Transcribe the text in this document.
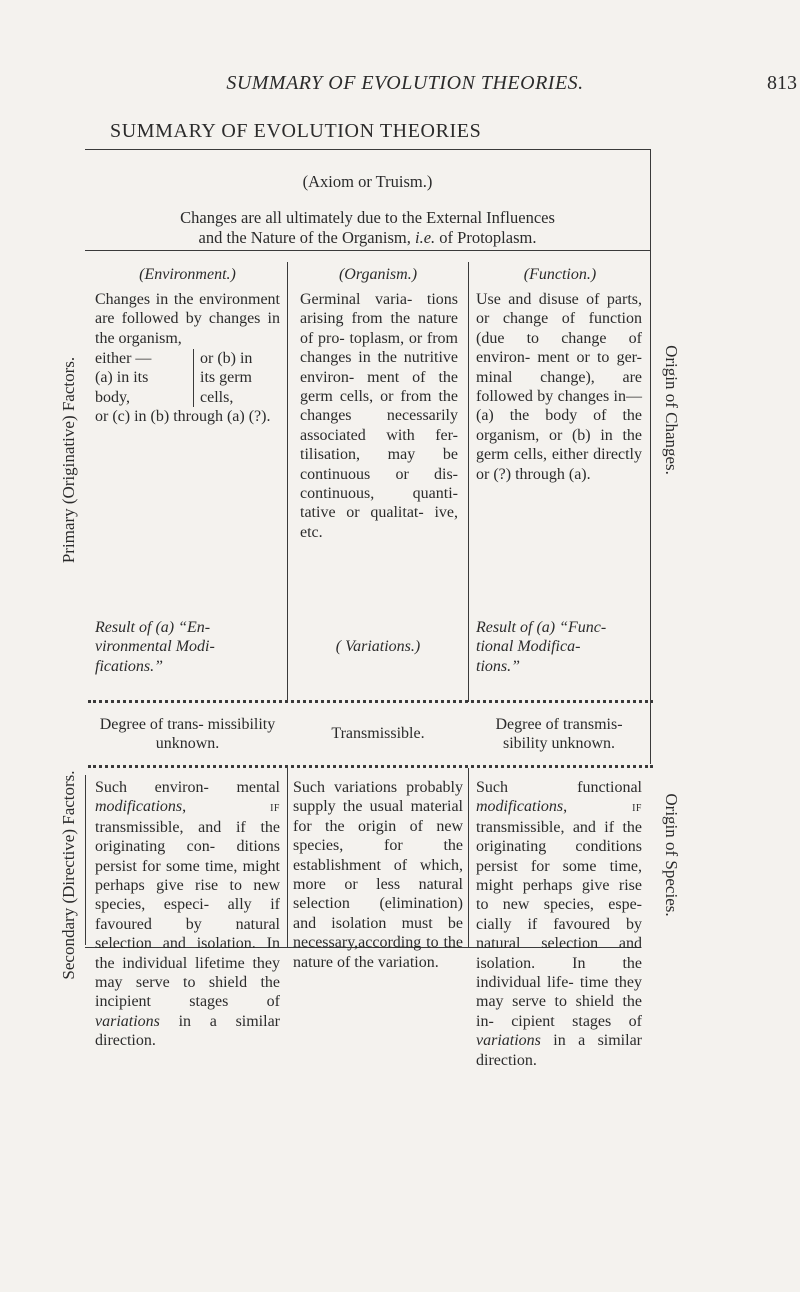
SUMMARY OF EVOLUTION THEORIES.	813
SUMMARY OF EVOLUTION THEORIES
(Axiom or Truism.)
Changes are all ultimately due to the External Influences
and the Nature of the Organism, i.e. of Protoplasm.
Primary (Originative) Factors.
Secondary (Directive) Factors.
Origin of Changes.
Origin of Species.
(Environment.)
Changes in the environment are followed by changes in the organism,
either —
(a) in its
body,
or (b) in
its germ
cells,
or (c) in (b) through (a) (?).
Result of (a) “En-
vironmental Modi-
fications.”
Degree of trans- missibility unknown.
Such environ- mental modifications, if transmissible, and if the originating con- ditions persist for some time, might perhaps give rise to new species, especi- ally if favoured by natural selection and isolation. In the individual lifetime they may serve to shield the incipient stages of variations in a similar direction.
(Organism.)
Germinal varia- tions arising from the nature of pro- toplasm, or from changes in the nutritive environ- ment of the germ cells, or from the changes necessarily associated with fer- tilisation, may be continuous or dis- continuous, quanti- tative or qualitat- ive, etc.
( Variations.)
Transmissible.
Such variations probably supply the usual material for the origin of new species, for the establishment of which, more or less natural selection (elimination) and isolation must be necessary,according to the nature of the variation.
(Function.)
Use and disuse of parts, or change of function (due to change of environ- ment or to ger- minal change), are followed by changes in—(a) the body of the organism, or (b) in the germ cells, either directly or (?) through (a).
Result of (a) “Func-
tional Modifica-
tions.”
Degree of transmis- sibility unknown.
Such functional modifications, if transmissible, and if the originating conditions persist for some time, might perhaps give rise to new species, espe- cially if favoured by natural selection and isolation. In the individual life- time they may serve to shield the in- cipient stages of variations in a similar direction.
